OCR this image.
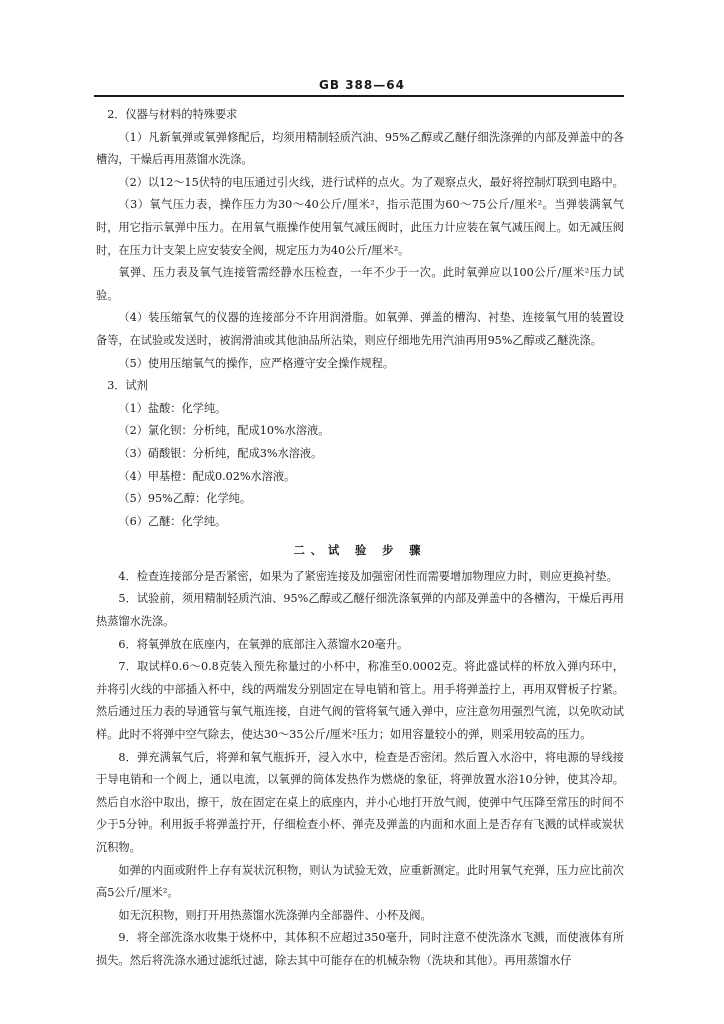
GB 388—64

2．仪器与材料的特殊要求

（1）凡新氧弹或氧弹修配后，均须用精制轻质汽油、95%乙醇或乙醚仔细洗涤弹的内部及弹盖中的各槽沟，干燥后再用蒸馏水洗涤。

（2）以12～15伏特的电压通过引火线，进行试样的点火。为了观察点火，最好将控制灯联到电路中。

（3）氧气压力表，操作压力为30～40公斤/厘米²，指示范围为60～75公斤/厘米²。当弹装满氧气时，用它指示氧弹中压力。在用氧气瓶操作使用氧气减压阀时，此压力计应装在氧气减压阀上。如无减压阀时，在压力计支架上应安装安全阀，规定压力为40公斤/厘米²。

氧弹、压力表及氧气连接管需经静水压检查，一年不少于一次。此时氧弹应以100公斤/厘米²压力试验。

（4）装压缩氧气的仪器的连接部分不许用润滑脂。如氧弹、弹盖的槽沟、衬垫、连接氧气用的装置设备等，在试验或发送时，被润滑油或其他油品所沾染，则应仔细地先用汽油再用95%乙醇或乙醚洗涤。

（5）使用压缩氧气的操作，应严格遵守安全操作规程。

3．试剂

（1）盐酸：化学纯。

（2）氯化钡：分析纯，配成10%水溶液。

（3）硝酸银：分析纯，配成3%水溶液。

（4）甲基橙：配成0.02%水溶液。

（5）95%乙醇：化学纯。

（6）乙醚：化学纯。

二、试 验 步 骤

4．检查连接部分是否紧密，如果为了紧密连接及加强密闭性而需要增加物理应力时，则应更换衬垫。

5．试验前，须用精制轻质汽油、95%乙醇或乙醚仔细洗涤氧弹的内部及弹盖中的各槽沟，干燥后再用热蒸馏水洗涤。

6．将氧弹放在底座内，在氧弹的底部注入蒸馏水20毫升。

7．取试样0.6～0.8克装入预先称量过的小杯中，称准至0.0002克。将此盛试样的杯放入弹内环中，并将引火线的中部插入杯中，线的两端发分别固定在导电销和管上。用手将弹盖拧上，再用双臂板子拧紧。然后通过压力表的导通管与氧气瓶连接，自进气阀的管将氧气通入弹中，应注意勿用强烈气流，以免吹动试样。此时不将弹中空气除去，使达30～35公斤/厘米²压力；如用容量较小的弹，则采用较高的压力。

8．弹充满氧气后，将弹和氧气瓶拆开，浸入水中，检查是否密闭。然后置入水浴中，将电源的导线接于导电销和一个阀上，通以电流，以氧弹的筒体发热作为燃烧的象征，将弹放置水浴10分钟，使其冷却。然后自水浴中取出，擦干，放在固定在桌上的底座内，并小心地打开放气阀，使弹中气压降至常压的时间不少于5分钟。利用扳手将弹盖拧开，仔细检查小杯、弹壳及弹盖的内面和水面上是否存有飞溅的试样或炭状沉积物。

如弹的内面或附件上存有炭状沉积物，则认为试验无效，应重新测定。此时用氧气充弹，压力应比前次高5公斤/厘米²。

如无沉积物，则打开用热蒸馏水洗涤弹内全部器件、小杯及阀。

9．将全部洗涤水收集于烧杯中，其体积不应超过350毫升，同时注意不使洗涤水飞溅，而使液体有所损失。然后将洗涤水通过滤纸过滤，除去其中可能存在的机械杂物（洗块和其他）。再用蒸馏水仔
